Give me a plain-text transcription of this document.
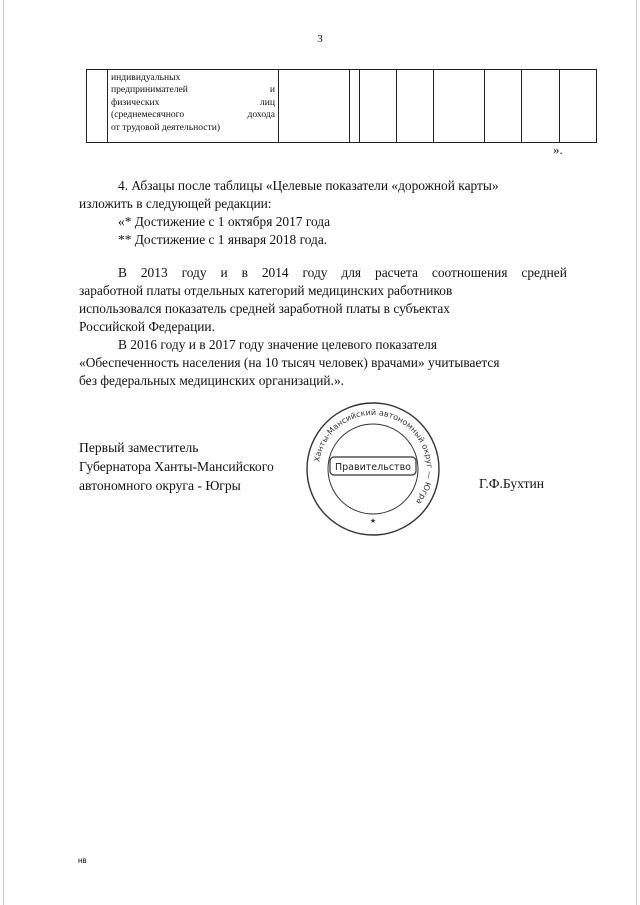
3

индивидуальных
предпринимателей	и
физических	лиц
(среднемесячного	дохода
от трудовой деятельности)

».
4. Абзацы после таблицы «Целевые показатели «дорожной карты»
изложить в следующей редакции:
«* Достижение с 1 октября 2017 года
** Достижение с 1 января 2018 года.
В 2013 году и в 2014 году для расчета соотношения средней
заработной платы отдельных категорий медицинских работников
использовался показатель средней заработной платы в субъектах
Российской Федерации.
В 2016 году и в 2017 году значение целевого показателя
«Обеспеченность населения (на 10 тысяч человек) врачами» учитывается
без федеральных медицинских организаций.».
Первый заместитель
Губернатора Ханты-Мансийского
автономного округа - Югры
Ханты-Мансийский автономный округ — Югра
Правительство
★
Г.Ф.Бухтин
нв
